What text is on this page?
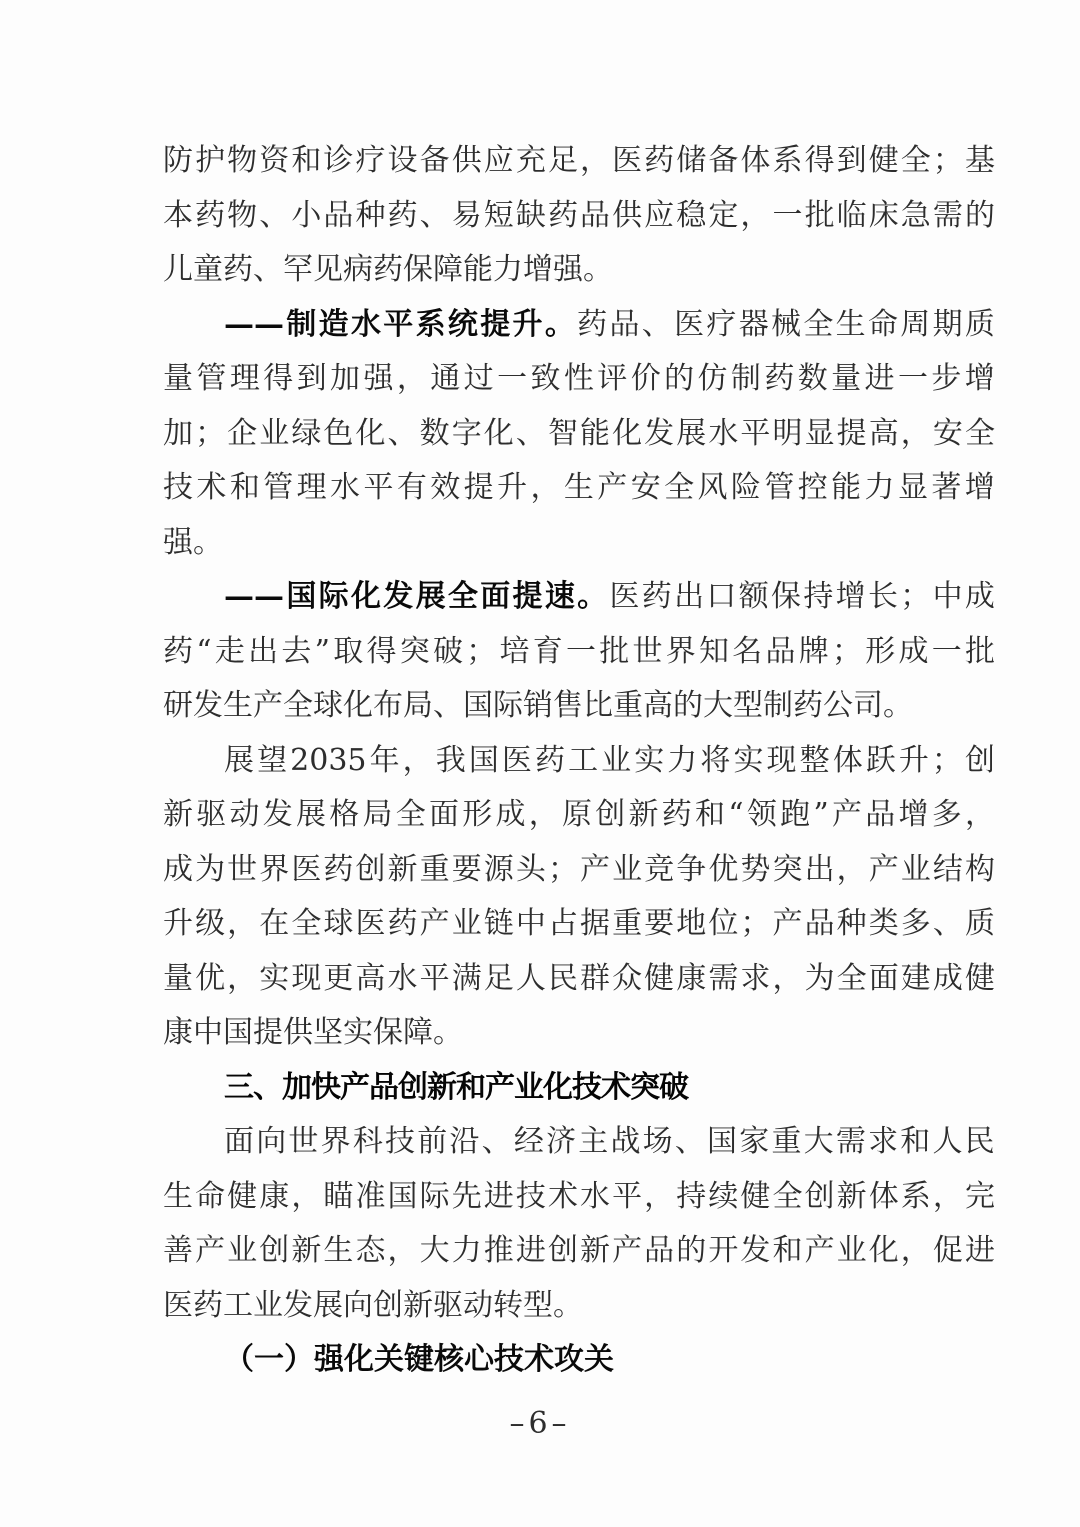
防 护 物 资 和 诊 疗 设 备 供 应 充 足 ， 医 药 储 备 体 系 得 到 健 全 ； 基
本 药 物 、 小 品 种 药 、 易 短 缺 药 品 供 应 稳 定 ， 一 批 临 床 急 需 的
儿童药、罕见病药保障能力增强。
—— 制 造 水 平 系 统 提 升 。 药 品 、 医 疗 器 械 全 生 命 周 期 质
量 管 理 得 到 加 强 ， 通 过 一 致 性 评 价 的 仿 制 药 数 量 进 一 步 增
加 ； 企 业 绿 色 化 、 数 字 化 、 智 能 化 发 展 水 平 明 显 提 高 ， 安 全
技 术 和 管 理 水 平 有 效 提 升 ， 生 产 安 全 风 险 管 控 能 力 显 著 增
强。
—— 国 际 化 发 展 全 面 提 速 。 医 药 出 口 额 保 持 增 长 ； 中 成
药 “ 走 出 去 ” 取 得 突 破 ； 培 育 一 批 世 界 知 名 品 牌 ； 形 成 一 批
研发生产全球化布局、国际销售比重高的大型制药公司。
展 望 2035 年 ， 我 国 医 药 工 业 实 力 将 实 现 整 体 跃 升 ； 创
新 驱 动 发 展 格 局 全 面 形 成 ， 原 创 新 药 和 “ 领 跑 ” 产 品 增 多 ，
成 为 世 界 医 药 创 新 重 要 源 头 ； 产 业 竞 争 优 势 突 出 ， 产 业 结 构
升 级 ， 在 全 球 医 药 产 业 链 中 占 据 重 要 地 位 ； 产 品 种 类 多 、 质
量 优 ， 实 现 更 高 水 平 满 足 人 民 群 众 健 康 需 求 ， 为 全 面 建 成 健
康中国提供坚实保障。
三、加快产品创新和产业化技术突破
面 向 世 界 科 技 前 沿 、 经 济 主 战 场 、 国 家 重 大 需 求 和 人 民
生 命 健 康 ， 瞄 准 国 际 先 进 技 术 水 平 ， 持 续 健 全 创 新 体 系 ， 完
善 产 业 创 新 生 态 ， 大 力 推 进 创 新 产 品 的 开 发 和 产 业 化 ， 促 进
医药工业发展向创新驱动转型。
（一）强化关键核心技术攻关
–6–
